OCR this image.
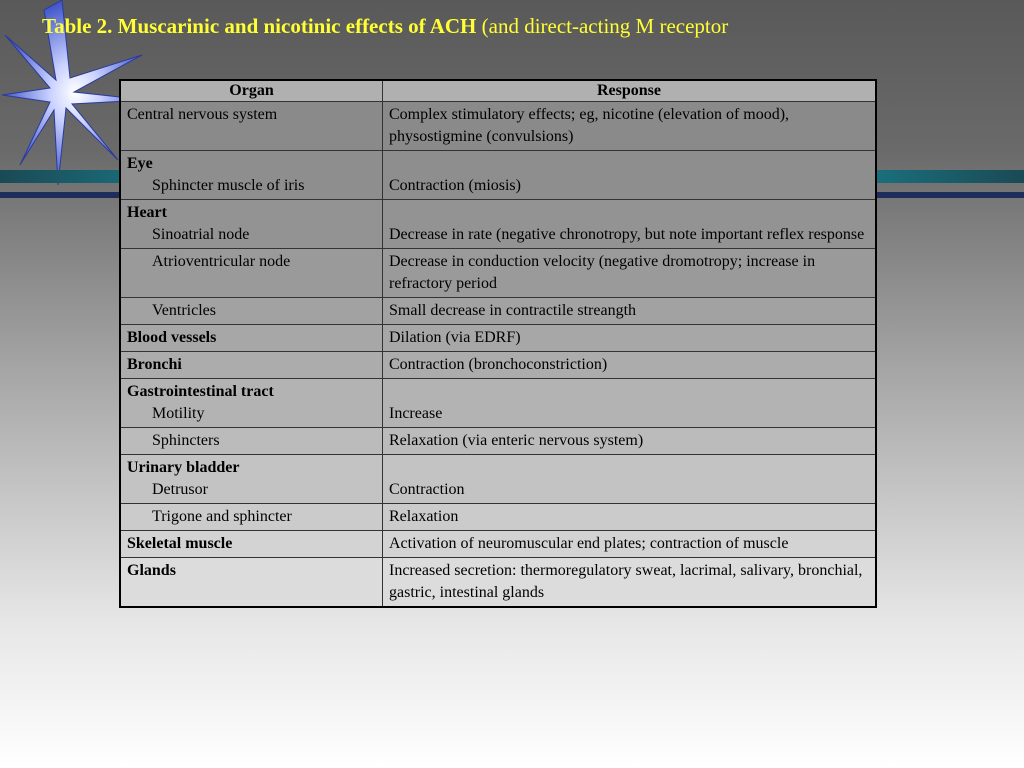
Table 2. Muscarinic and nicotinic effects of ACH (and direct-acting M receptor
Organ	Response
Central nervous system	Complex stimulatory effects; eg, nicotine (elevation of mood), physostigmine (convulsions)
Eye
Sphincter muscle of iris	Contraction (miosis)

Heart
Sinoatrial node	Decrease in rate (negative chronotropy, but note important reflex response

Atrioventricular node	Decrease in conduction velocity (negative dromotropy; increase in refractory period

Ventricles	Small decrease in contractile streangth
Blood vessels	Dilation (via EDRF)
Bronchi	Contraction (bronchoconstriction)
Gastrointestinal tract
Motility	Increase

Sphincters	Relaxation (via enteric nervous system)
Urinary bladder
Detrusor	Contraction

Trigone and sphincter	Relaxation
Skeletal muscle	Activation of neuromuscular end plates; contraction of muscle
Glands	Increased secretion: thermoregulatory sweat, lacrimal, salivary, bronchial, gastric, intestinal glands
